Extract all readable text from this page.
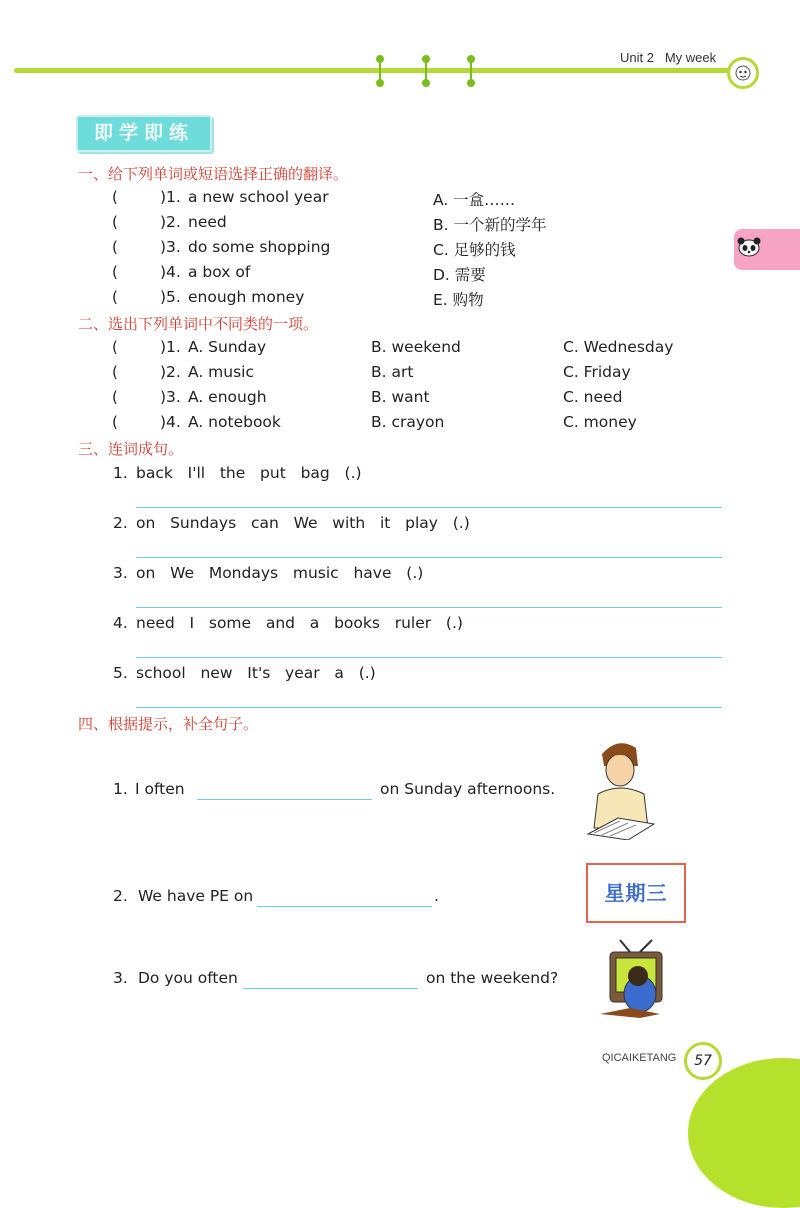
Unit 2 My week
即学即练
一、给下列单词或短语选择正确的翻译。
(	)1. a new school year	A. 一盒……
(	)2. need	B. 一个新的学年
(	)3. do some shopping	C. 足够的钱
(	)4. a box of	D. 需要
(	)5. enough money	E. 购物
二、选出下列单词中不同类的一项。
(	)1. A. Sunday	B. weekend	C. Wednesday
(	)2. A. music	B. art	C. Friday
(	)3. A. enough	B. want	C. need
(	)4. A. notebook	B. crayon	C. money
三、连词成句。
1. back   I'll   the   put   bag   (.)
2. on   Sundays   can   We   with   it   play   (.)
3. on   We   Mondays   music   have   (.)
4. need   I   some   and   a   books   ruler   (.)
5. school   new   It's   year   a   (.)
四、根据提示，补全句子。
1. I often	on Sunday afternoons.
2. We have PE on	.
3. Do you often	on the weekend?
星期三
QICAIKETANG	57
